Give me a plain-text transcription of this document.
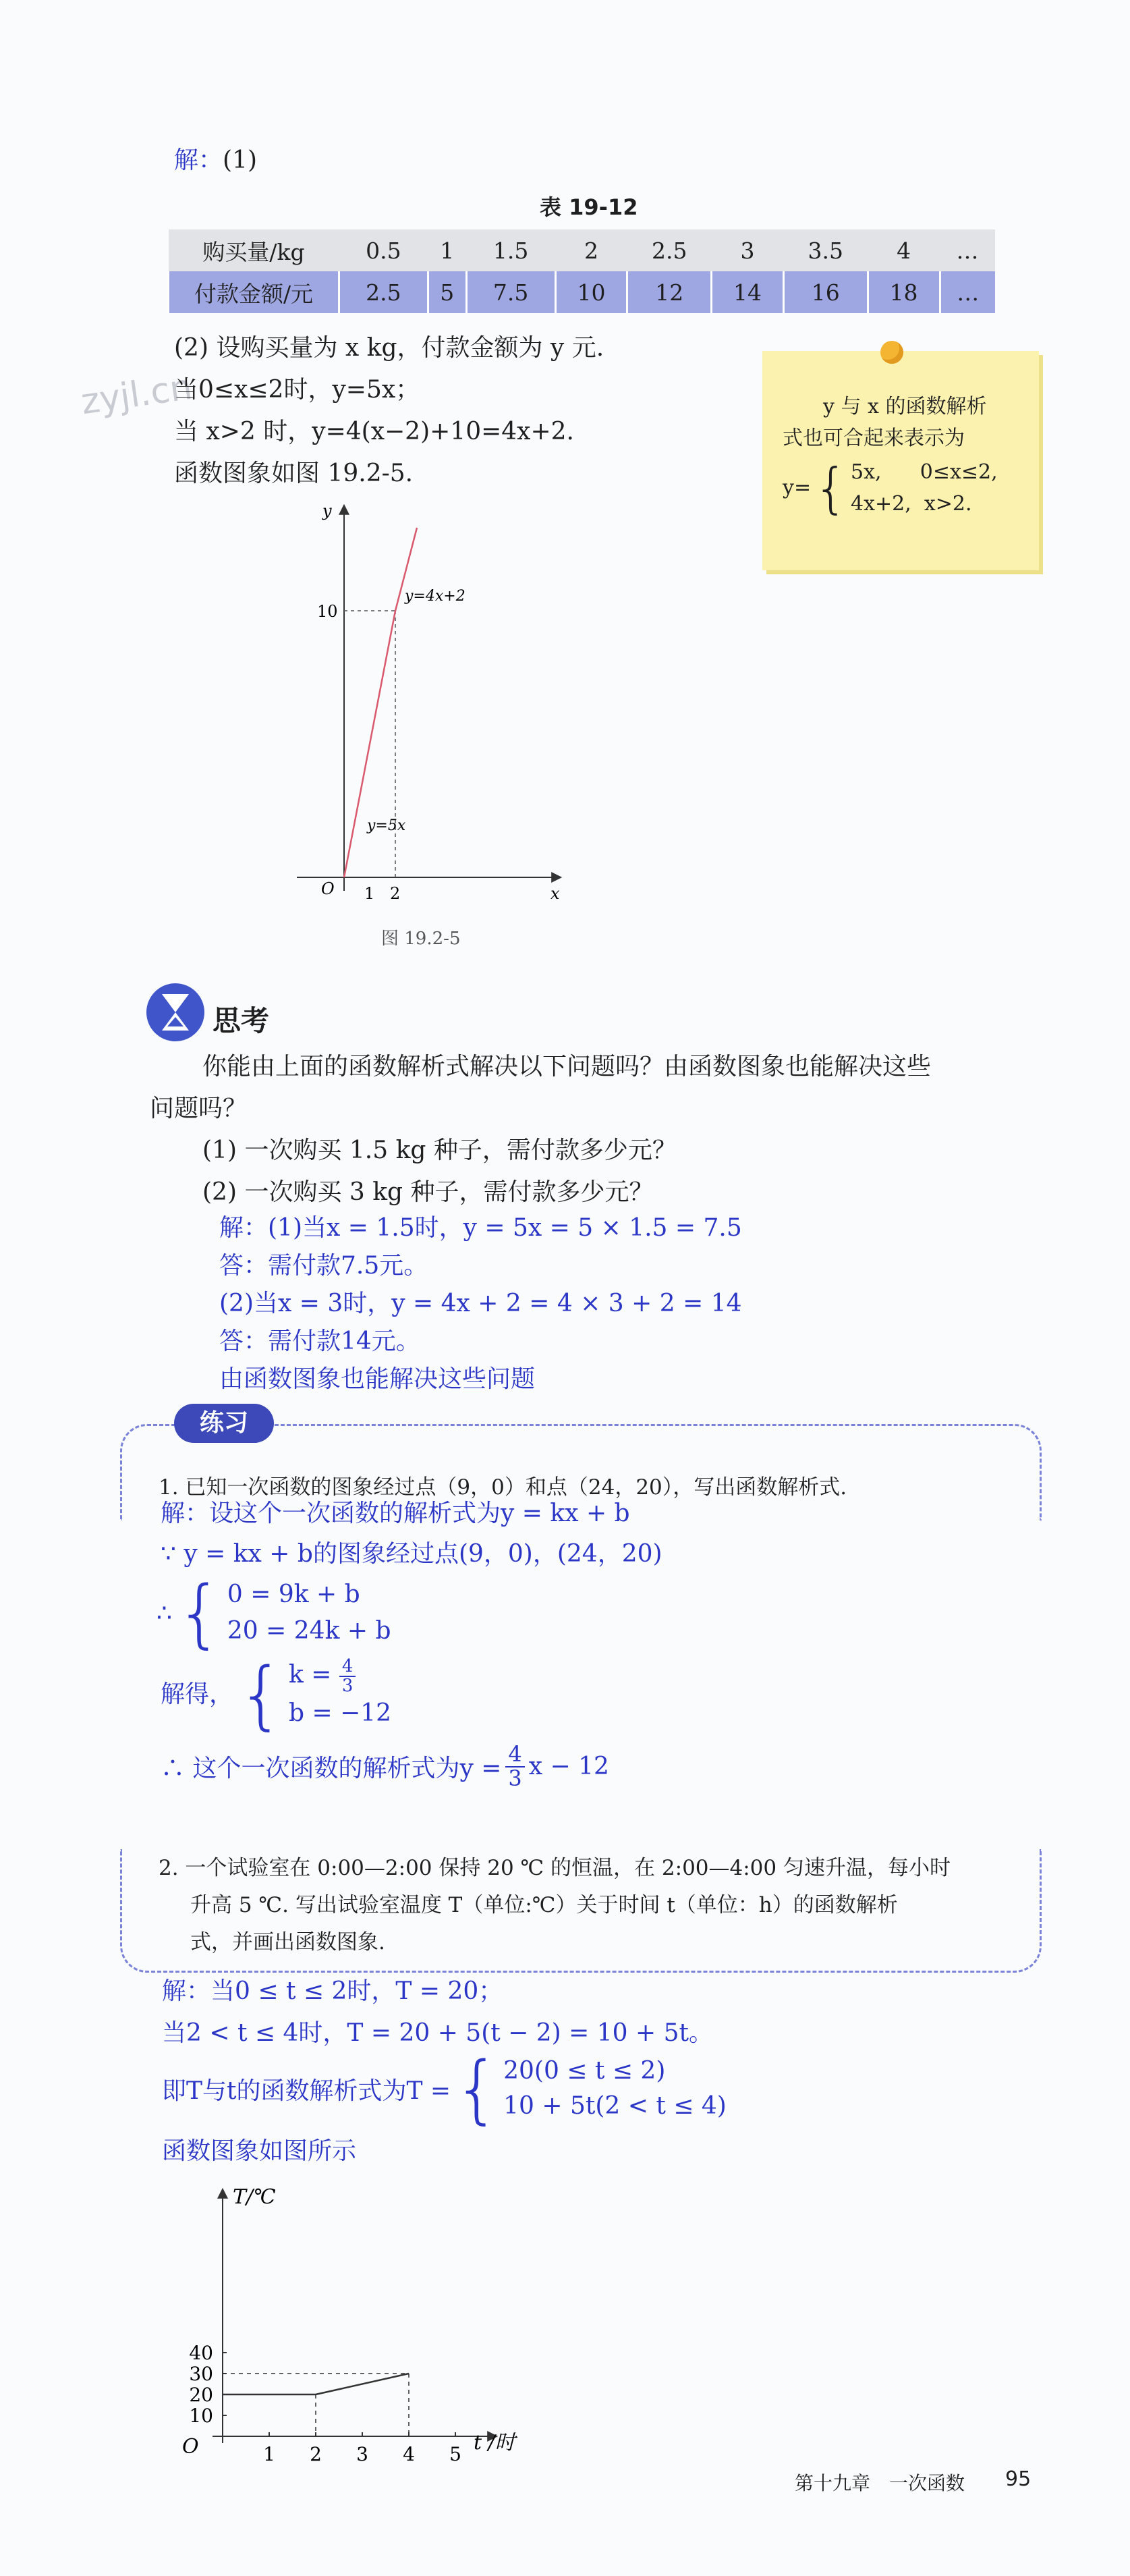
解：(1)
表 19-12
购买量/kg	0.5	1	1.5	2	2.5	3	3.5	4	…
付款金额/元	2.5	5	7.5	10	12	14	16	18	…
zyjl.cn
(2) 设购买量为 x kg，付款金额为 y 元.
当0≤x≤2时，y=5x；
当 x>2 时，y=4(x−2)+10=4x+2.
函数图象如图 19.2-5.
y 与 x 的函数解析
式也可合起来表示为
y= { 5x,      0≤x≤2,
4x+2,  x>2.
y
x
O
10
1 2
y=4x+2
y=5x
图 19.2-5
思考
你能由上面的函数解析式解决以下问题吗？由函数图象也能解决这些
问题吗？
(1) 一次购买 1.5 kg 种子，需付款多少元？
(2) 一次购买 3 kg 种子，需付款多少元？
解：(1)当x = 1.5时，y = 5x = 5 × 1.5 = 7.5
答：需付款7.5元。
(2)当x = 3时，y = 4x + 2 = 4 × 3 + 2 = 14
答：需付款14元。
由函数图象也能解决这些问题
练习
1. 已知一次函数的图象经过点（9，0）和点（24，20），写出函数解析式.
解：设这个一次函数的解析式为y = kx + b
∵ y = kx + b的图象经过点(9，0)，(24，20)
∴ { 0 = 9k + b
20 = 24k + b
解得， { $k = \frac{4}{3}$
b = −12
∴ 这个一次函数的解析式为$y = \frac{4}{3}$ x − 12
2. 一个试验室在 0:00—2:00 保持 20 ℃ 的恒温，在 2:00—4:00 匀速升温，每小时
升高 5 ℃. 写出试验室温度 T（单位:℃）关于时间 t（单位：h）的函数解析
式，并画出函数图象.
解：当0 ≤ t ≤ 2时，T = 20；
当2 < t ≤ 4时，T = 20 + 5(t − 2) = 10 + 5t。
即T与t的函数解析式为T = { 20(0 ≤ t ≤ 2)
10 + 5t(2 < t ≤ 4)
函数图象如图所示
10
20
30
40
1 2 3 4 5
O
T/℃
t /时
第十九章　一次函数 95
